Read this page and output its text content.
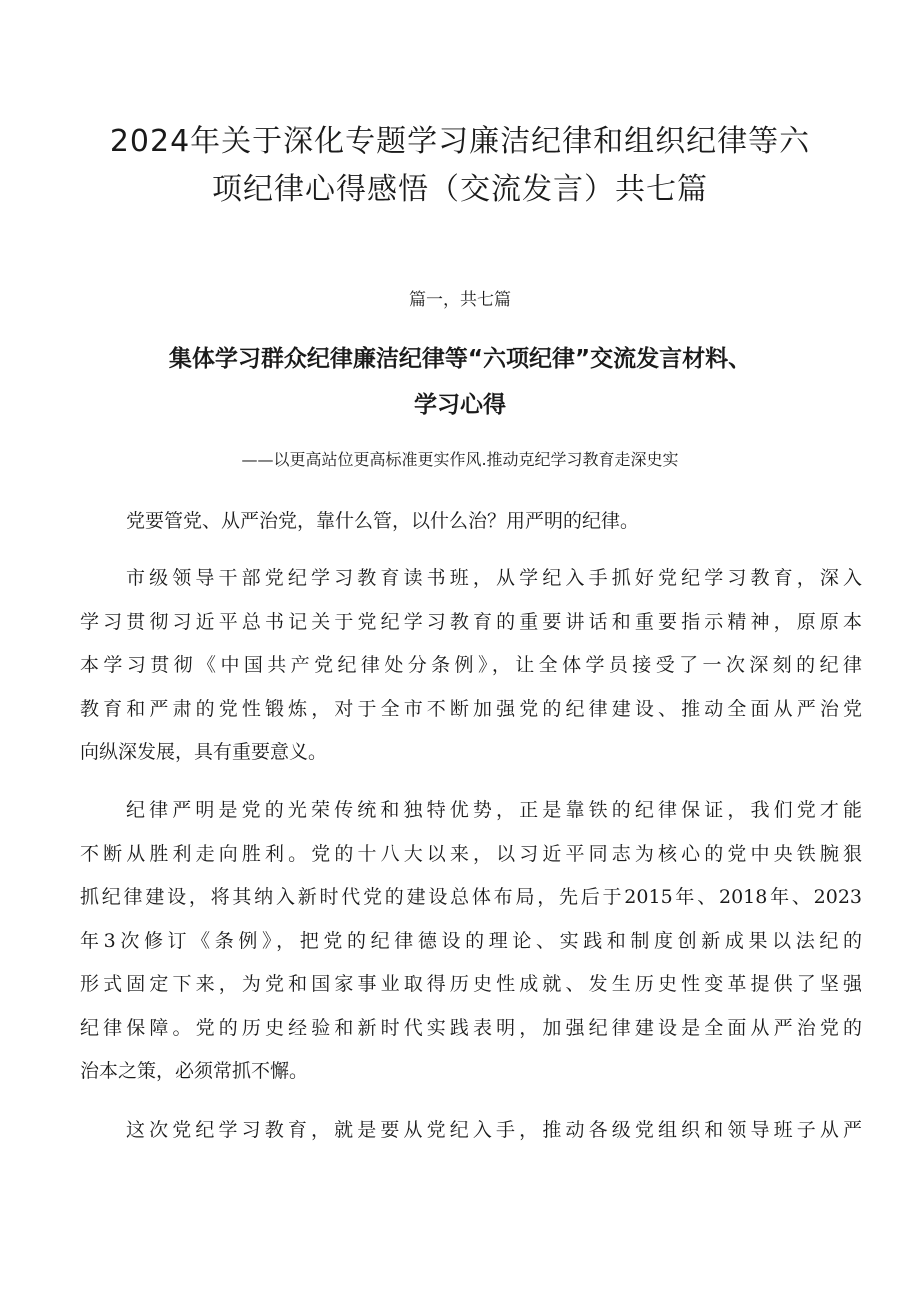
2024年关于深化专题学习廉洁纪律和组织纪律等六
项纪律心得感悟（交流发言）共七篇
篇一，共七篇
集体学习群众纪律廉洁纪律等“六项纪律”交流发言材料、
学习心得
——以更高站位更高标准更实作风.推动克纪学习教育走深史实

党要管党、从严治党，靠什么管，以什么治？用严明的纪律。

市级领导干部党纪学习教育读书班，从学纪入手抓好党纪学习教育，深入
学习贯彻习近平总书记关于党纪学习教育的重要讲话和重要指示精神，原原本
本学习贯彻《中国共产党纪律处分条例》，让全体学员接受了一次深刻的纪律
教育和严肃的党性锻炼，对于全市不断加强党的纪律建设、推动全面从严治党
向纵深发展，具有重要意义。

纪律严明是党的光荣传统和独特优势，正是靠铁的纪律保证，我们党才能
不断从胜利走向胜利。党的十八大以来，以习近平同志为核心的党中央铁腕狠
抓纪律建设，将其纳入新时代党的建设总体布局，先后于2015年、2018年、2023
年3次修订《条例》，把党的纪律德设的理论、实践和制度创新成果以法纪的
形式固定下来，为党和国家事业取得历史性成就、发生历史性变革提供了坚强
纪律保障。党的历史经验和新时代实践表明，加强纪律建设是全面从严治党的
治本之策，必须常抓不懈。

这次党纪学习教育，就是要从党纪入手，推动各级党组织和领导班子从严
